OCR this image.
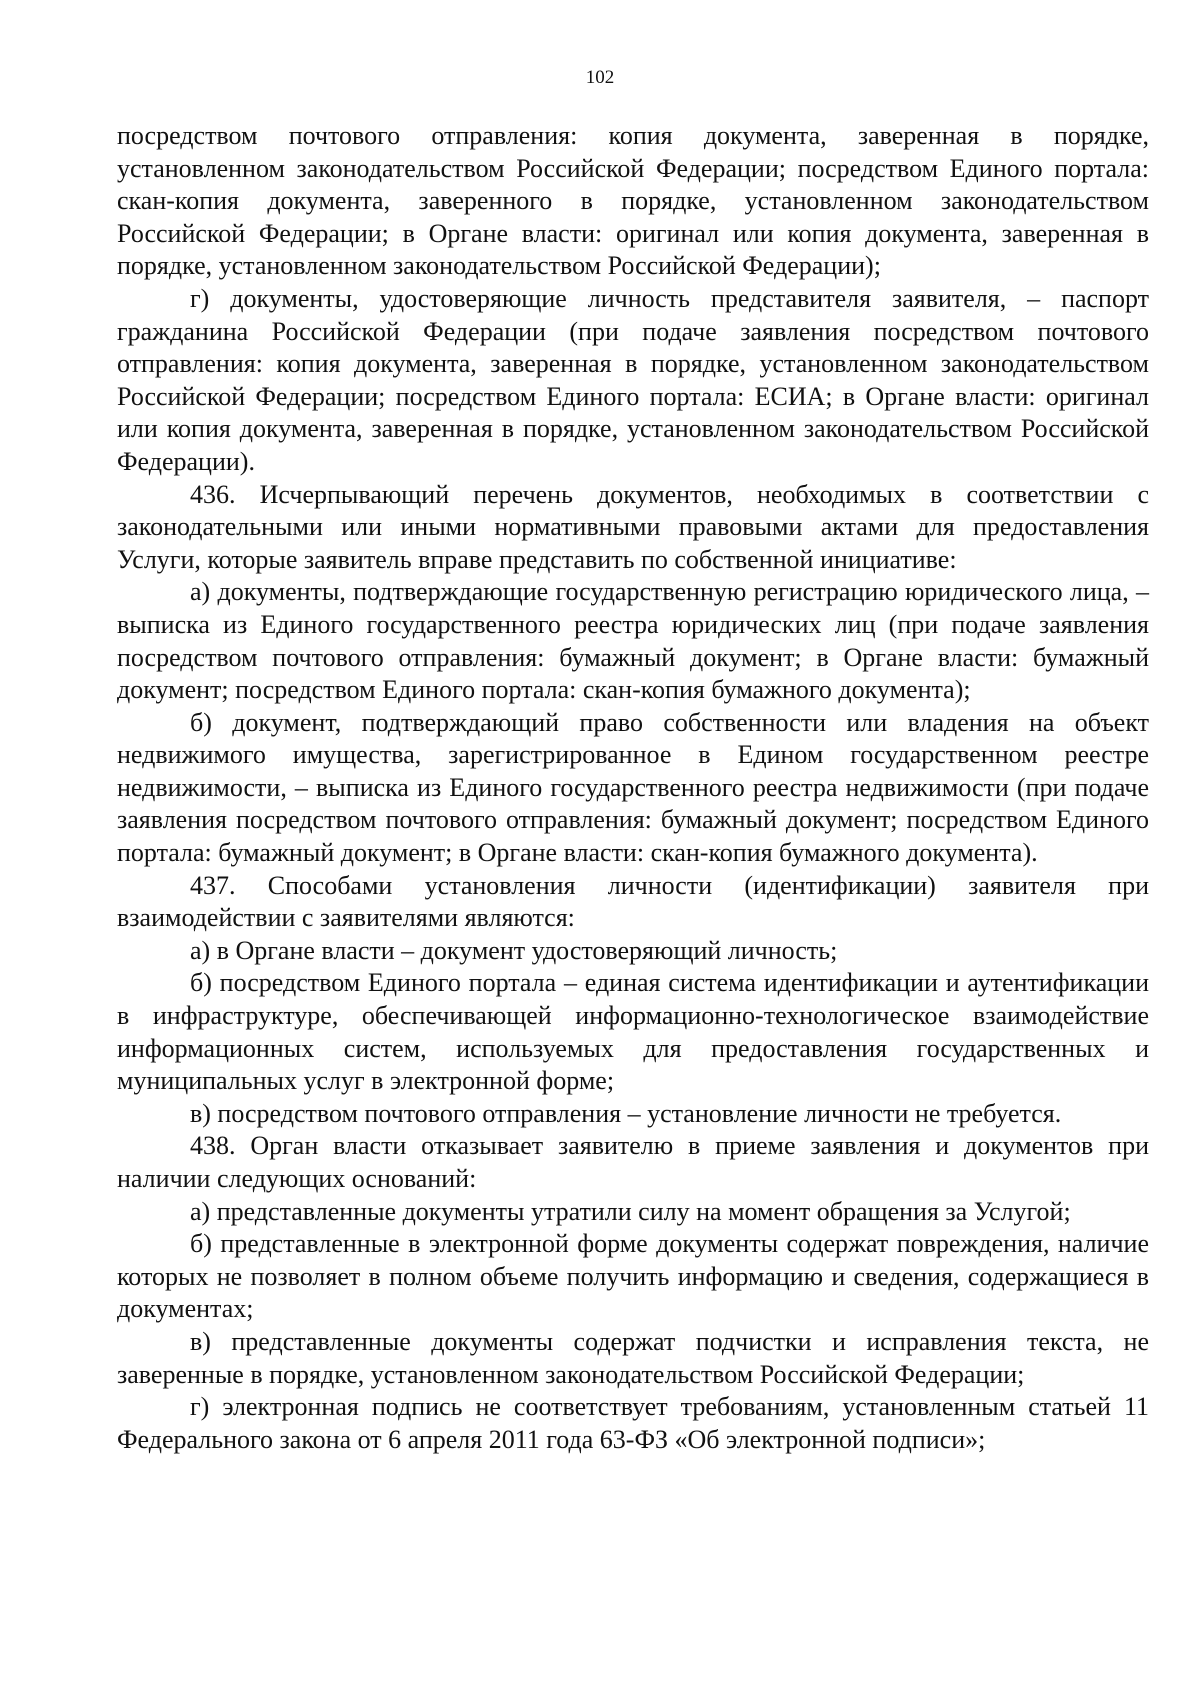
102

посредством почтового отправления: копия документа, заверенная в порядке, установленном законодательством Российской Федерации; посредством Единого портала: скан-копия документа, заверенного в порядке, установленном законодательством Российской Федерации; в Органе власти: оригинал или копия документа, заверенная в порядке, установленном законодательством Российской Федерации);

г) документы, удостоверяющие личность представителя заявителя, – паспорт гражданина Российской Федерации (при подаче заявления посредством почтового отправления: копия документа, заверенная в порядке, установленном законодательством Российской Федерации; посредством Единого портала: ЕСИА; в Органе власти: оригинал или копия документа, заверенная в порядке, установленном законодательством Российской Федерации).

436. Исчерпывающий перечень документов, необходимых в соответствии с законодательными или иными нормативными правовыми актами для предоставления Услуги, которые заявитель вправе представить по собственной инициативе:

а) документы, подтверждающие государственную регистрацию юридического лица, – выписка из Единого государственного реестра юридических лиц (при подаче заявления посредством почтового отправления: бумажный документ; в Органе власти: бумажный документ; посредством Единого портала: скан-копия бумажного документа);

б) документ, подтверждающий право собственности или владения на объект недвижимого имущества, зарегистрированное в Едином государственном реестре недвижимости, – выписка из Единого государственного реестра недвижимости (при подаче заявления посредством почтового отправления: бумажный документ; посредством Единого портала: бумажный документ; в Органе власти: скан-копия бумажного документа).

437. Способами установления личности (идентификации) заявителя при взаимодействии с заявителями являются:

а) в Органе власти – документ удостоверяющий личность;

б) посредством Единого портала – единая система идентификации и аутентификации в инфраструктуре, обеспечивающей информационно-технологическое взаимодействие информационных систем, используемых для предоставления государственных и муниципальных услуг в электронной форме;

в) посредством почтового отправления – установление личности не требуется.

438. Орган власти отказывает заявителю в приеме заявления и документов при наличии следующих оснований:

а) представленные документы утратили силу на момент обращения за Услугой;

б) представленные в электронной форме документы содержат повреждения, наличие которых не позволяет в полном объеме получить информацию и сведения, содержащиеся в документах;

в) представленные документы содержат подчистки и исправления текста, не заверенные в порядке, установленном законодательством Российской Федерации;

г) электронная подпись не соответствует требованиям, установленным статьей 11 Федерального закона от 6 апреля 2011 года 63-ФЗ «Об электронной подписи»;
